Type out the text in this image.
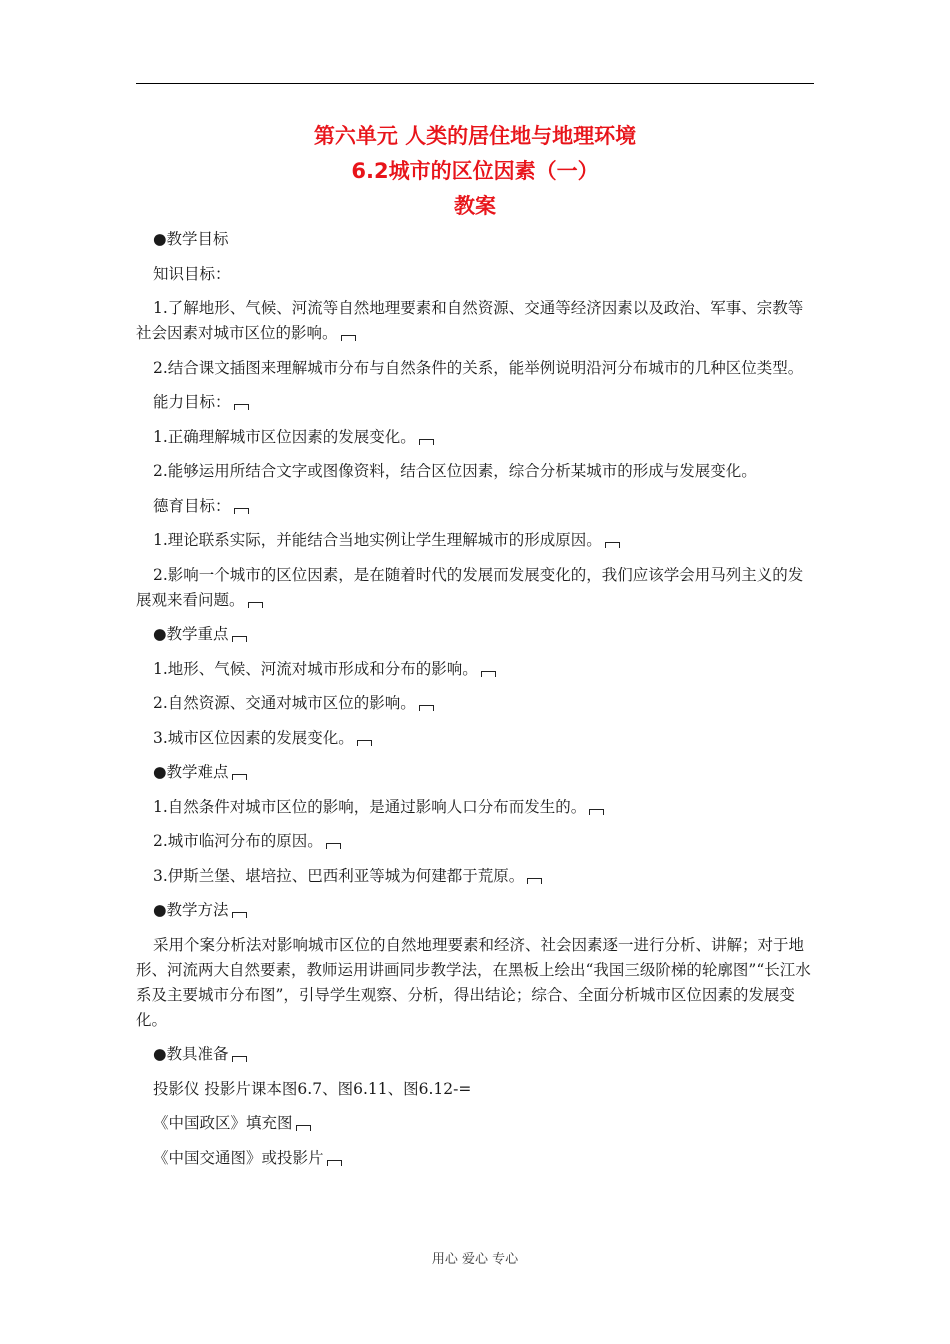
第六单元 人类的居住地与地理环境
6.2城市的区位因素（一）
教案

●教学目标

知识目标：

1.了解地形、气候、河流等自然地理要素和自然资源、交通等经济因素以及政治、军事、宗教等社会因素对城市区位的影响。

2.结合课文插图来理解城市分布与自然条件的关系，能举例说明沿河分布城市的几种区位类型。

能力目标：

1.正确理解城市区位因素的发展变化。

2.能够运用所结合文字或图像资料，结合区位因素，综合分析某城市的形成与发展变化。

德育目标：

1.理论联系实际，并能结合当地实例让学生理解城市的形成原因。

2.影响一个城市的区位因素，是在随着时代的发展而发展变化的，我们应该学会用马列主义的发展观来看问题。

●教学重点

1.地形、气候、河流对城市形成和分布的影响。

2.自然资源、交通对城市区位的影响。

3.城市区位因素的发展变化。

●教学难点

1.自然条件对城市区位的影响，是通过影响人口分布而发生的。

2.城市临河分布的原因。

3.伊斯兰堡、堪培拉、巴西利亚等城为何建都于荒原。

●教学方法

采用个案分析法对影响城市区位的自然地理要素和经济、社会因素逐一进行分析、讲解；对于地形、河流两大自然要素，教师运用讲画同步教学法，在黑板上绘出“我国三级阶梯的轮廓图”“长江水系及主要城市分布图”，引导学生观察、分析，得出结论；综合、全面分析城市区位因素的发展变化。

●教具准备

投影仪 投影片课本图6.7、图6.11、图6.12-=

《中国政区》填充图

《中国交通图》或投影片

用心 爱心 专心
